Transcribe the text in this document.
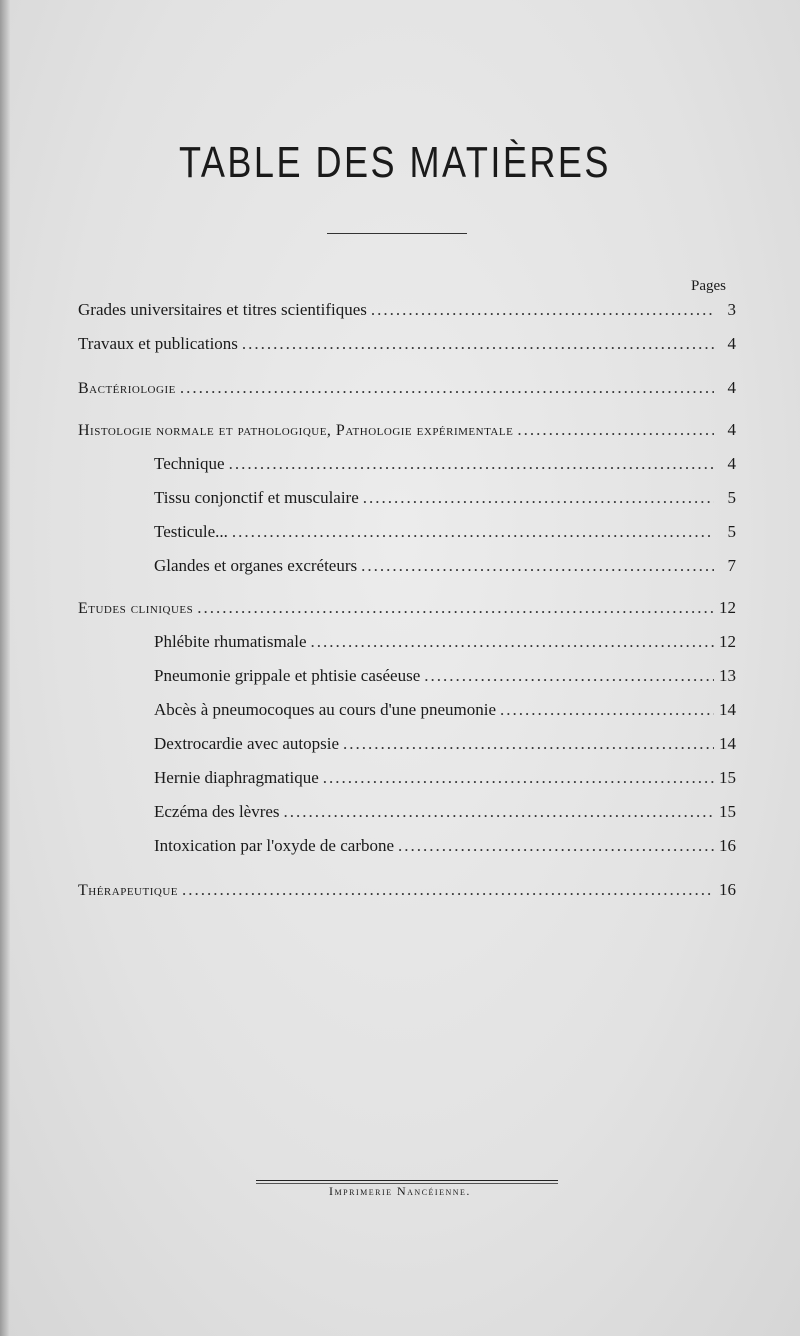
TABLE DES MATIÈRES
Pages
Grades universitaires et titres scientifiques .....	3
Travaux et publications .....	4
Bactériologie .....	4
Histologie normale et pathologique, Pathologie expérimentale .....	4
Technique .....	4
Tissu conjonctif et musculaire .....	5
Testicule... .....	5
Glandes et organes excréteurs .....	7
Etudes cliniques .....	12
Phlébite rhumatismale .....	12
Pneumonie grippale et phtisie caséeuse .....	13
Abcès à pneumocoques au cours d'une pneumonie .....	14
Dextrocardie avec autopsie .....	14
Hernie diaphragmatique .....	15
Eczéma des lèvres .....	15
Intoxication par l'oxyde de carbone .....	16
Thérapeutique .....	16
Imprimerie Nancéienne.
